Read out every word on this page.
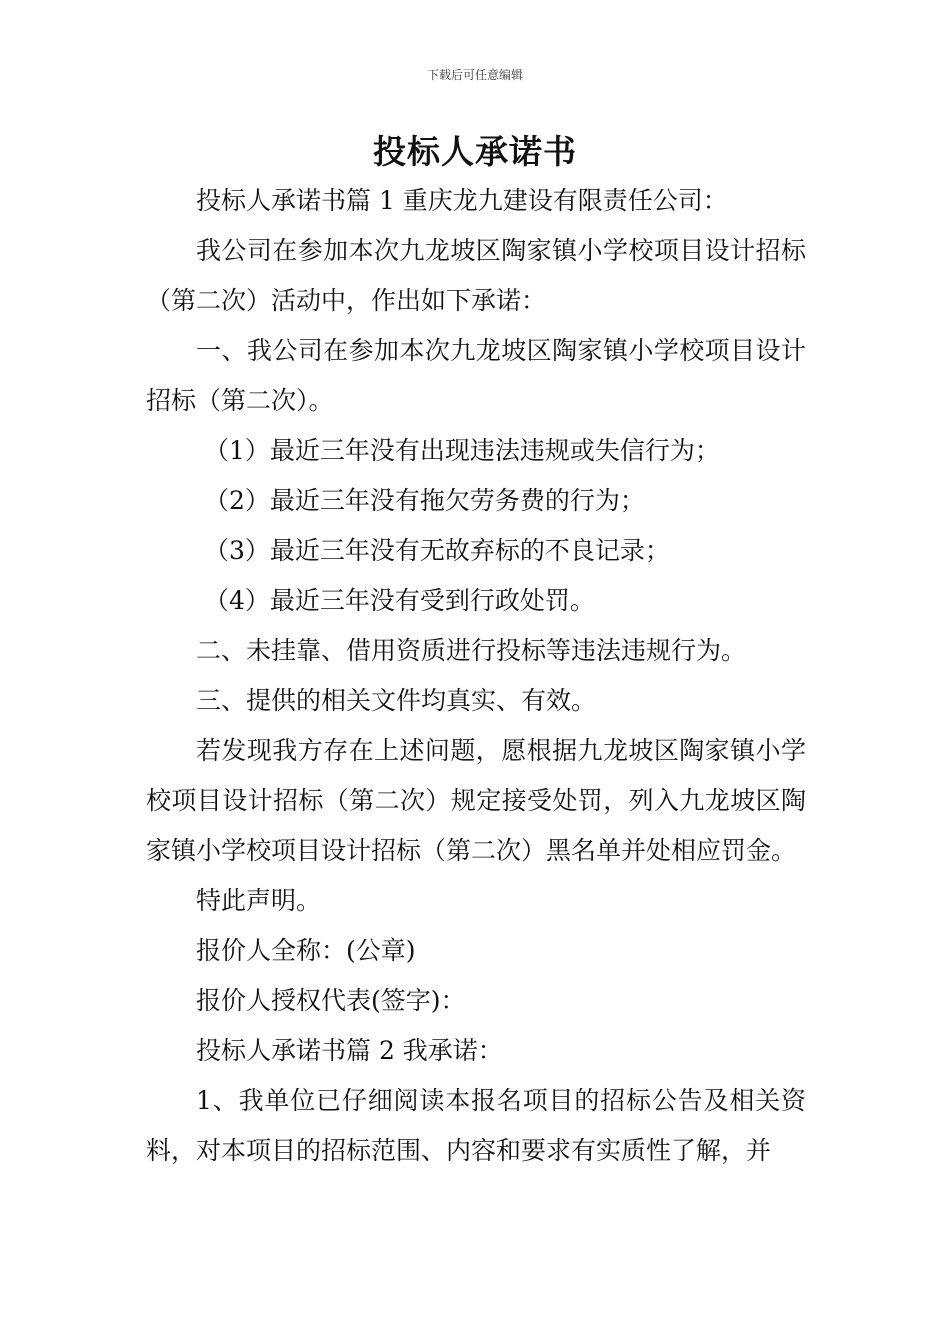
下载后可任意编辑
投标人承诺书

投标人承诺书篇 1 重庆龙九建设有限责任公司：

我公司在参加本次九龙坡区陶家镇小学校项目设计招标（第二次）活动中，作出如下承诺：

一、我公司在参加本次九龙坡区陶家镇小学校项目设计招标（第二次）。

（1）最近三年没有出现违法违规或失信行为；

（2）最近三年没有拖欠劳务费的行为；

（3）最近三年没有无故弃标的不良记录；

（4）最近三年没有受到行政处罚。

二、未挂靠、借用资质进行投标等违法违规行为。

三、提供的相关文件均真实、有效。

若发现我方存在上述问题，愿根据九龙坡区陶家镇小学校项目设计招标（第二次）规定接受处罚，列入九龙坡区陶家镇小学校项目设计招标（第二次）黑名单并处相应罚金。

特此声明。

报价人全称：(公章)

报价人授权代表(签字)：

投标人承诺书篇 2 我承诺：

1、我单位已仔细阅读本报名项目的招标公告及相关资料，对本项目的招标范围、内容和要求有实质性了解，并
